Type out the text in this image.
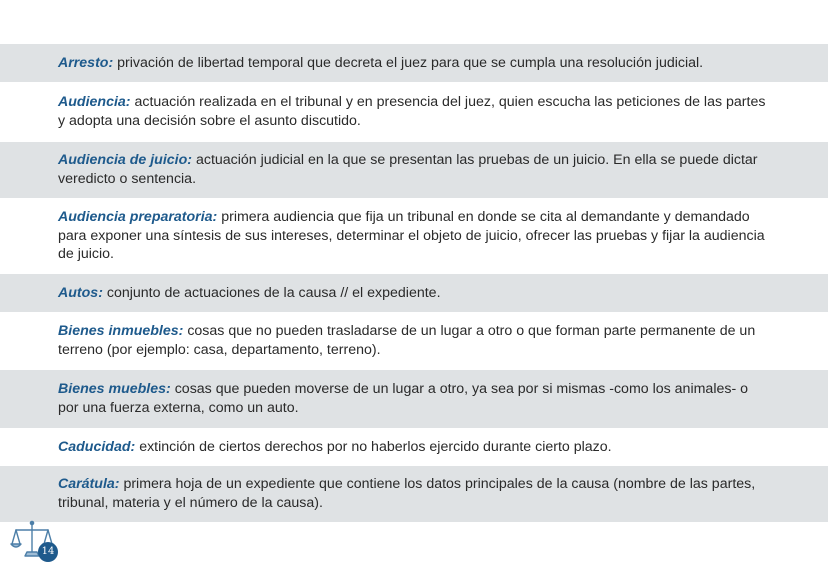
Arresto: privación de libertad temporal que decreta el juez para que se cumpla una resolución judicial.

Audiencia: actuación realizada en el tribunal y en presencia del juez, quien escucha las peticiones de las partes y adopta una decisión sobre el asunto discutido.

Audiencia de juicio: actuación judicial en la que se presentan las pruebas de un juicio. En ella se puede dictar veredicto o sentencia.

Audiencia preparatoria: primera audiencia que fija un tribunal en donde se cita al demandante y demandado para exponer una síntesis de sus intereses, determinar el objeto de juicio, ofrecer las pruebas y fijar la audiencia de juicio.

Autos: conjunto de actuaciones de la causa // el expediente.

Bienes inmuebles: cosas que no pueden trasladarse de un lugar a otro o que forman parte permanente de un terreno (por ejemplo: casa, departamento, terreno).

Bienes muebles: cosas que pueden moverse de un lugar a otro, ya sea por si mismas -como los animales- o por una fuerza externa, como un auto.

Caducidad: extinción de ciertos derechos por no haberlos ejercido durante cierto plazo.

Carátula: primera hoja de un expediente que contiene los datos principales de la causa (nombre de las partes, tribunal, materia y el número de la causa).

14
